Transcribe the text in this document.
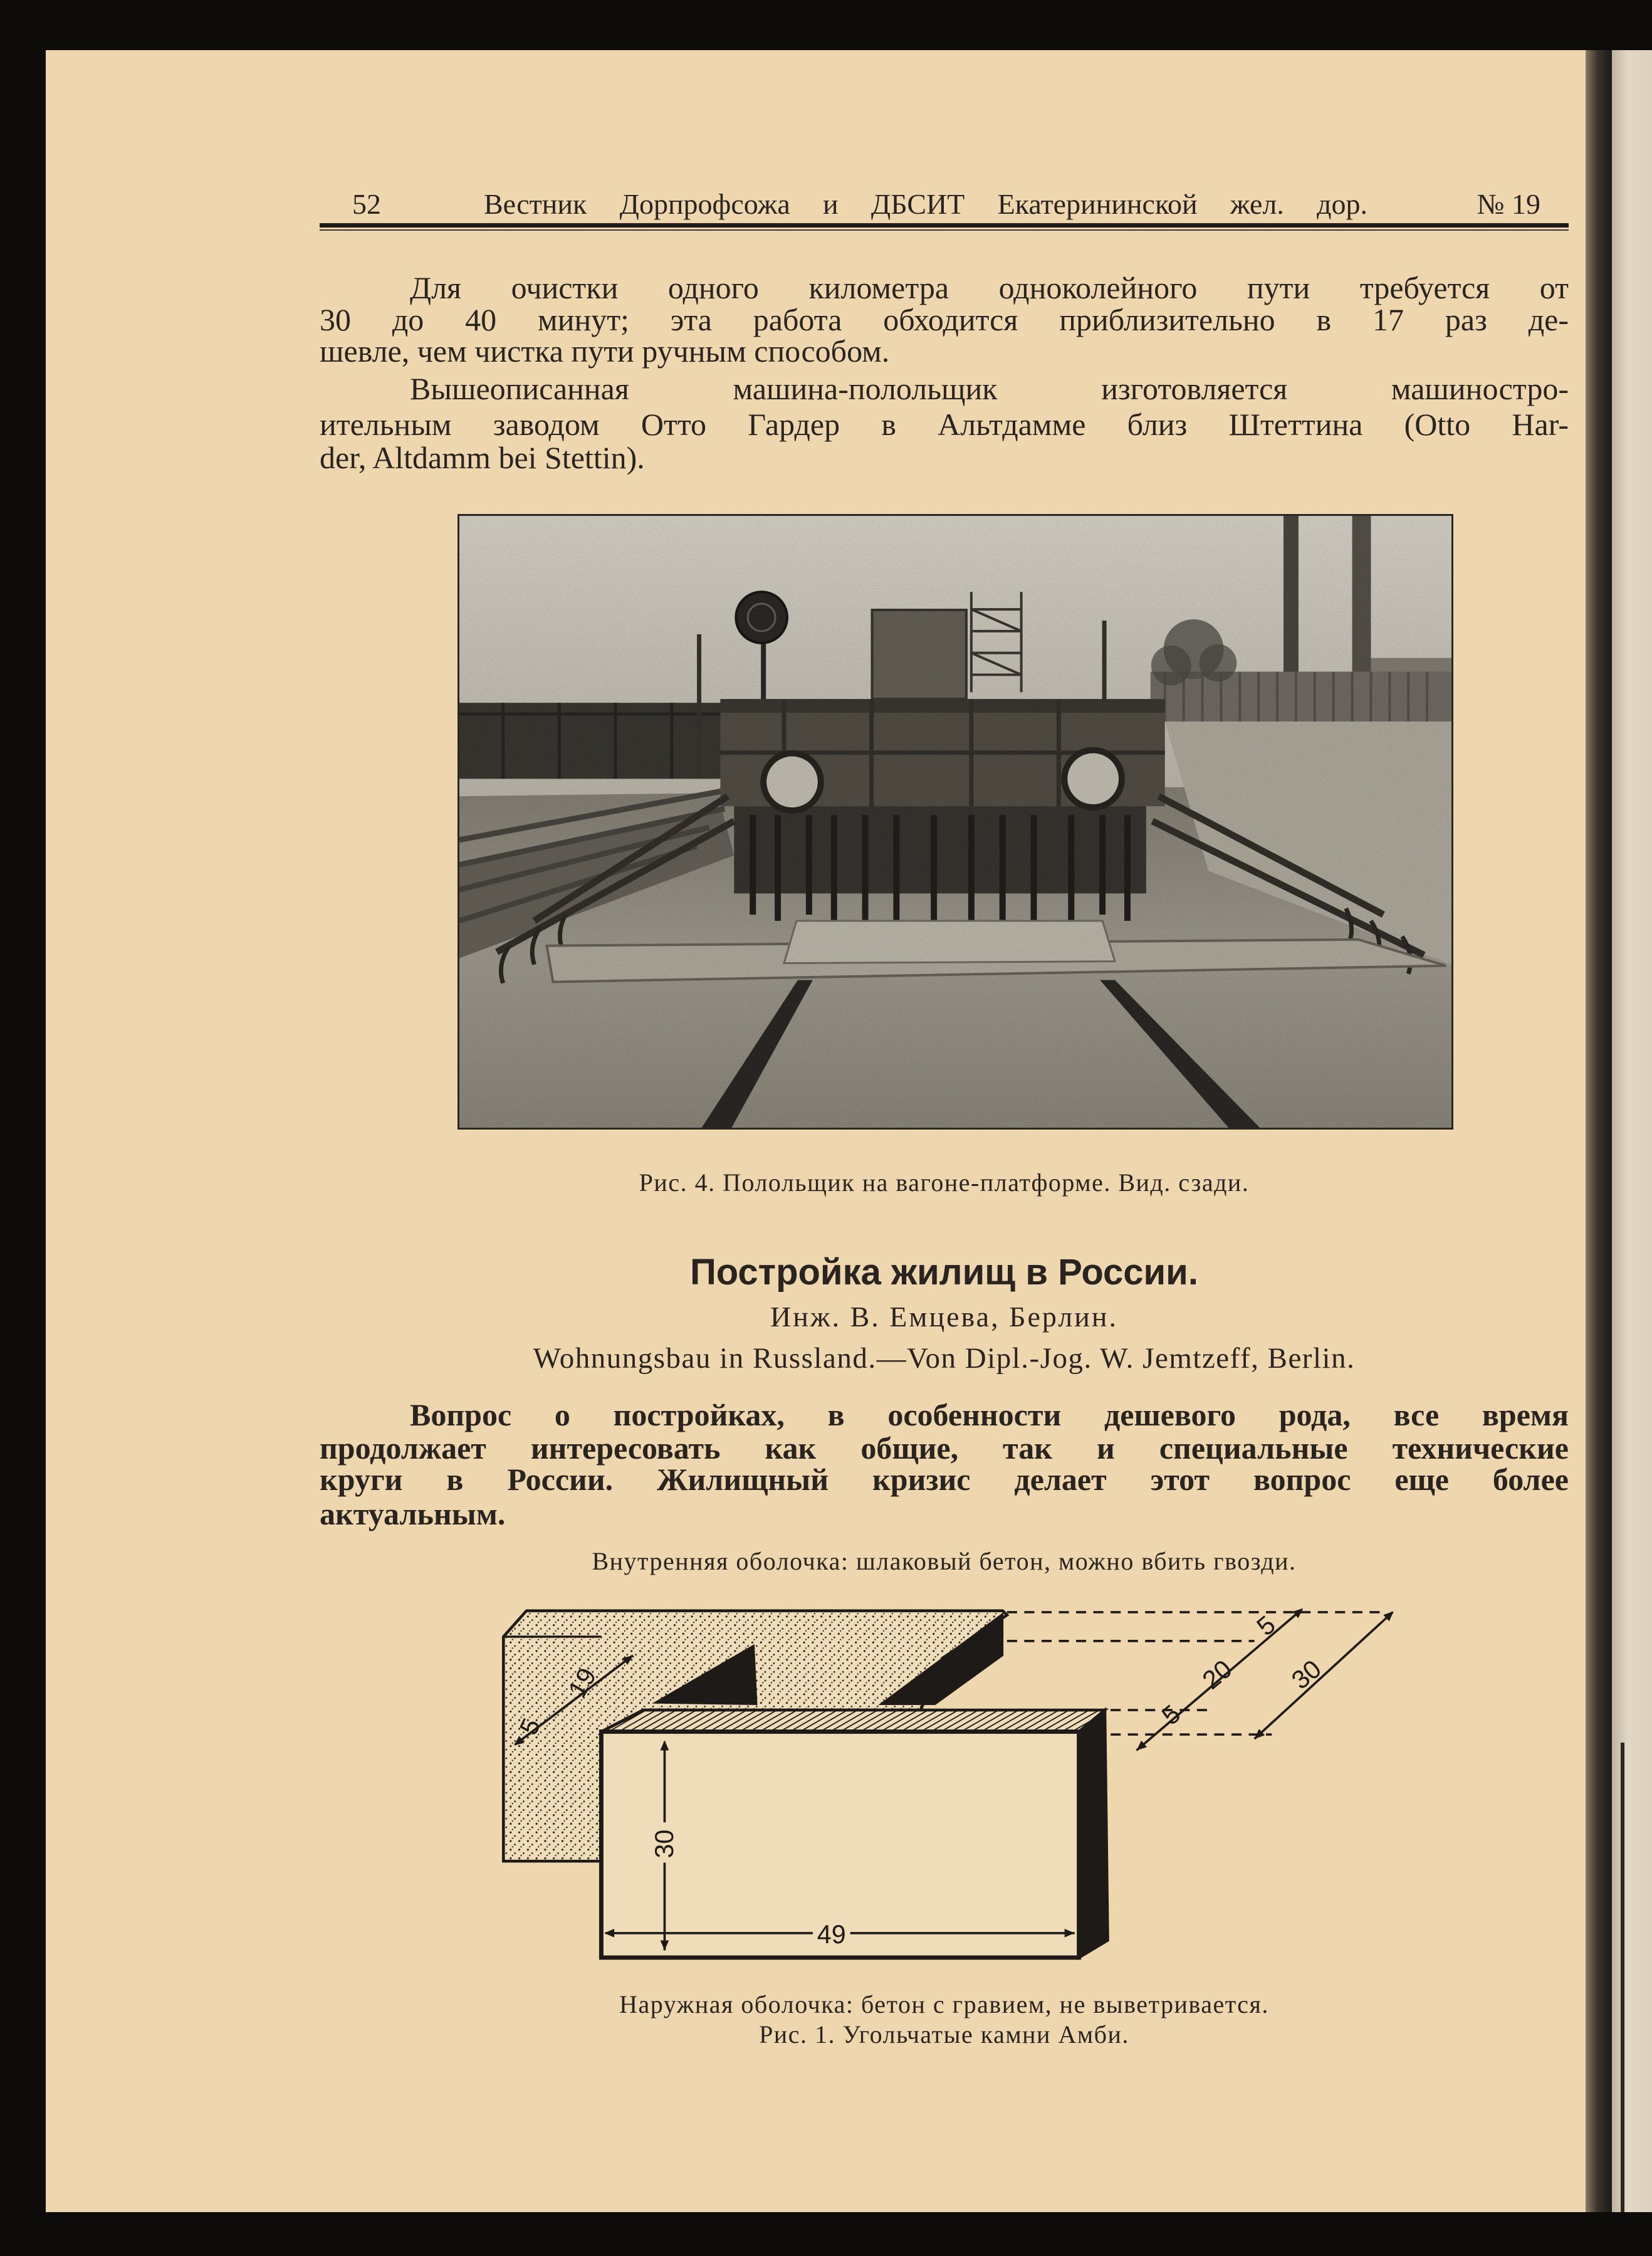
52	Вестник Дорпрофсожа и ДБСИТ Екатерининской жел. дор.	№ 19
Для очистки одного километра одноколейного пути требуется от
30 до 40 минут; эта работа обходится приблизительно в 17 раз де-
шевле, чем чистка пути ручным способом.
Вышеописанная машина-полольщик изготовляется машиностро-
ительным заводом Отто Гардер в Альтдамме близ Штеттина (Otto Har-
der, Altdamm bei Stettin).
Рис. 4. Полольщик на вагоне-платформе. Вид. сзади.
Постройка жилищ в России.
Инж. В. Емцева, Берлин.
Wohnungsbau in Russland.—Von Dipl.-Jog. W. Jemtzeff, Berlin.
Вопрос о постройках, в особенности дешевого рода, все время
продолжает интересовать как общие, так и специальные технические
круги в России. Жилищный кризис делает этот вопрос еще более
актуальным.
Внутренняя оболочка: шлаковый бетон, можно вбить гвозди.
5
20
5
30
19
5
30
49
Наружная оболочка: бетон с гравием, не выветривается.
Рис. 1. Угольчатые камни Амби.
